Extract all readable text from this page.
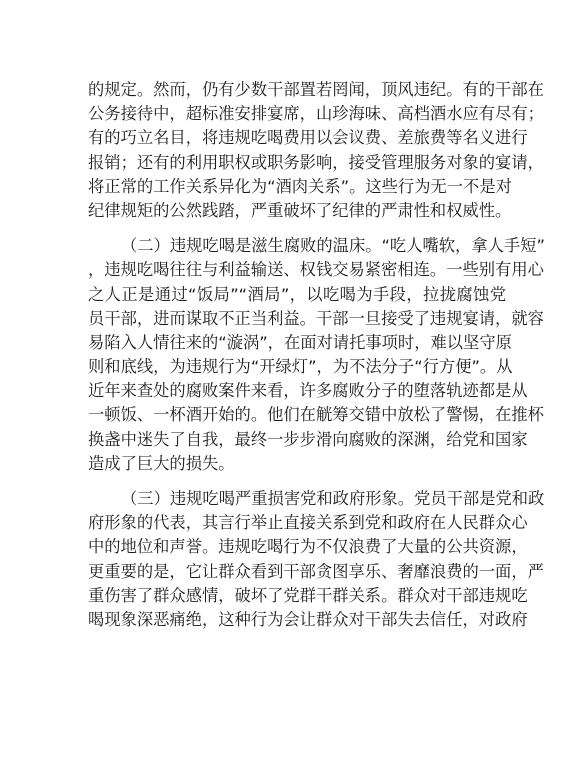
的规定。然而，仍有少数干部置若罔闻，顶风违纪。有的干部在
公务接待中，超标准安排宴席，山珍海味、高档酒水应有尽有；
有的巧立名目，将违规吃喝费用以会议费、差旅费等名义进行
报销；还有的利用职权或职务影响，接受管理服务对象的宴请，
将正常的工作关系异化为“酒肉关系”。这些行为无一不是对
纪律规矩的公然践踏，严重破坏了纪律的严肃性和权威性。
（二）违规吃喝是滋生腐败的温床。“吃人嘴软，拿人手短”
，违规吃喝往往与利益输送、权钱交易紧密相连。一些别有用心
之人正是通过“饭局”“酒局”，以吃喝为手段，拉拢腐蚀党
员干部，进而谋取不正当利益。干部一旦接受了违规宴请，就容
易陷入人情往来的“漩涡”，在面对请托事项时，难以坚守原
则和底线，为违规行为“开绿灯”，为不法分子“行方便”。从
近年来查处的腐败案件来看，许多腐败分子的堕落轨迹都是从
一顿饭、一杯酒开始的。他们在觥筹交错中放松了警惕，在推杯
换盏中迷失了自我，最终一步步滑向腐败的深渊，给党和国家
造成了巨大的损失。
（三）违规吃喝严重损害党和政府形象。党员干部是党和政
府形象的代表，其言行举止直接关系到党和政府在人民群众心
中的地位和声誉。违规吃喝行为不仅浪费了大量的公共资源，
更重要的是，它让群众看到干部贪图享乐、奢靡浪费的一面，严
重伤害了群众感情，破坏了党群干群关系。群众对干部违规吃
喝现象深恶痛绝，这种行为会让群众对干部失去信任，对政府
